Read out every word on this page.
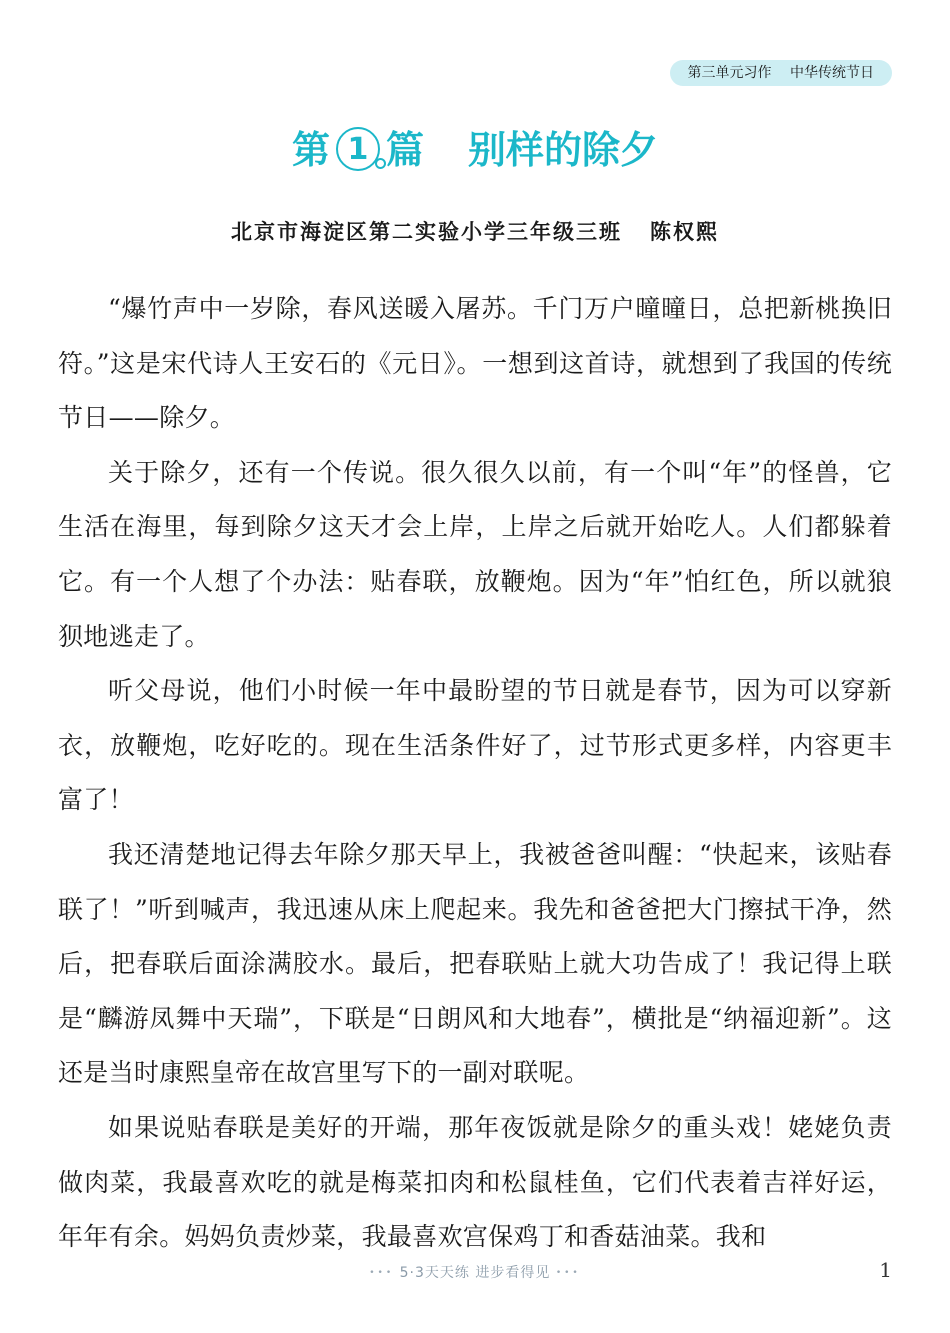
第三单元习作 中华传统节日
第 1 篇 别样的除夕
北京市海淀区第二实验小学三年级三班 陈权熙

“爆竹声中一岁除，春风送暖入屠苏。千门万户曈曈日，总把新桃换旧符。”这是宋代诗人王安石的《元日》。一想到这首诗，就想到了我国的传统节日——除夕。

关于除夕，还有一个传说。很久很久以前，有一个叫“年”的怪兽，它生活在海里，每到除夕这天才会上岸，上岸之后就开始吃人。人们都躲着它。有一个人想了个办法：贴春联，放鞭炮。因为“年”怕红色，所以就狼狈地逃走了。

听父母说，他们小时候一年中最盼望的节日就是春节，因为可以穿新衣，放鞭炮，吃好吃的。现在生活条件好了，过节形式更多样，内容更丰富了！

我还清楚地记得去年除夕那天早上，我被爸爸叫醒：“快起来，该贴春联了！”听到喊声，我迅速从床上爬起来。我先和爸爸把大门擦拭干净，然后，把春联后面涂满胶水。最后，把春联贴上就大功告成了！我记得上联是“麟游凤舞中天瑞”，下联是“日朗风和大地春”，横批是“纳福迎新”。这还是当时康熙皇帝在故宫里写下的一副对联呢。

如果说贴春联是美好的开端，那年夜饭就是除夕的重头戏！姥姥负责做肉菜，我最喜欢吃的就是梅菜扣肉和松鼠桂鱼，它们代表着吉祥好运，年年有余。妈妈负责炒菜，我最喜欢宫保鸡丁和香菇油菜。我和

••• 5·3天天练 进步看得见 •••	1
